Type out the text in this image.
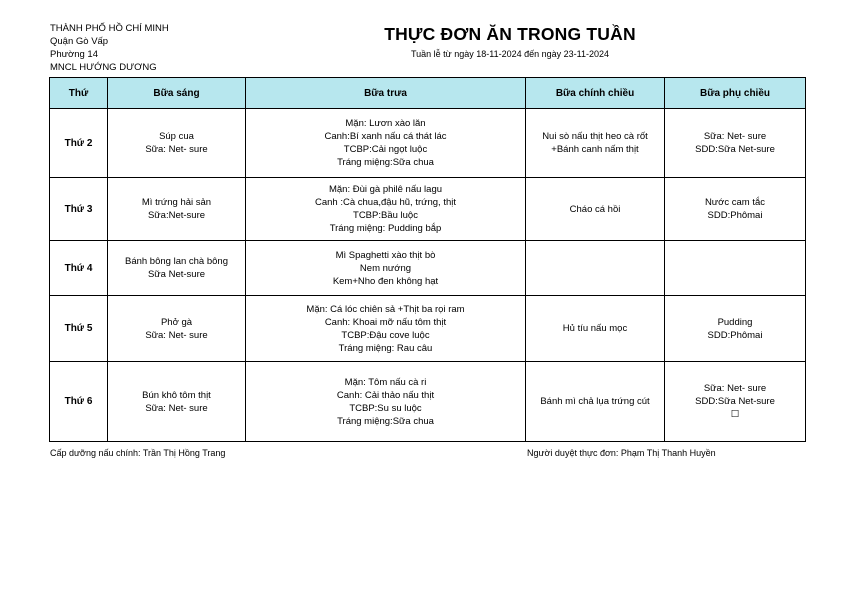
THÀNH PHỐ HỒ CHÍ MINH
Quận Gò Vấp
Phường 14
MNCL HƯỚNG DƯƠNG
THỰC ĐƠN ĂN TRONG TUẦN
Tuần lễ từ ngày 18-11-2024 đến ngày 23-11-2024
Thứ	Bữa sáng	Bữa trưa	Bữa chính chiều	Bữa phụ chiều
Thứ 2	Súp cua
Sữa: Net- sure	Mặn: Lươn xào lăn
Canh:Bí xanh nấu cá thát lác
TCBP:Cải ngọt luộc
Tráng miệng:Sữa chua	Nui sò nấu thịt heo cà rốt
+Bánh canh nấm thịt	Sữa: Net- sure
SDD:Sữa Net-sure

Thứ 3	Mì trứng hải sản
Sữa:Net-sure	Mặn: Đùi gà philê nấu lagu
Canh :Cà chua,đậu hũ, trứng, thịt
TCBP:Bầu luộc
Tráng miệng: Pudding bắp	Cháo cá hồi	Nước cam tắc
SDD:Phômai

Thứ 4	Bánh bông lan chà bông
Sữa Net-sure	Mì Spaghetti xào thịt bò
Nem nướng
Kem+Nho đen không hạt		

Thứ 5	Phở gà
Sữa: Net- sure	Mặn: Cá lóc chiên sả +Thịt ba rọi ram
Canh: Khoai mỡ nấu tôm thịt
TCBP:Đậu cove luộc
Tráng miệng: Rau câu	Hủ tíu nấu mọc	Pudding
SDD:Phômai

Thứ 6	Bún khô tôm thịt
Sữa: Net- sure	Mặn: Tôm nấu cà ri
Canh: Cải thảo nấu thịt
TCBP:Su su luộc
Tráng miệng:Sữa chua	Bánh mì chả lụa trứng cút	Sữa: Net- sure
SDD:Sữa Net-sure
☐
Cấp dưỡng nấu chính: Trần Thị Hồng Trang	Người duyệt thực đơn: Phạm Thị Thanh Huyền
